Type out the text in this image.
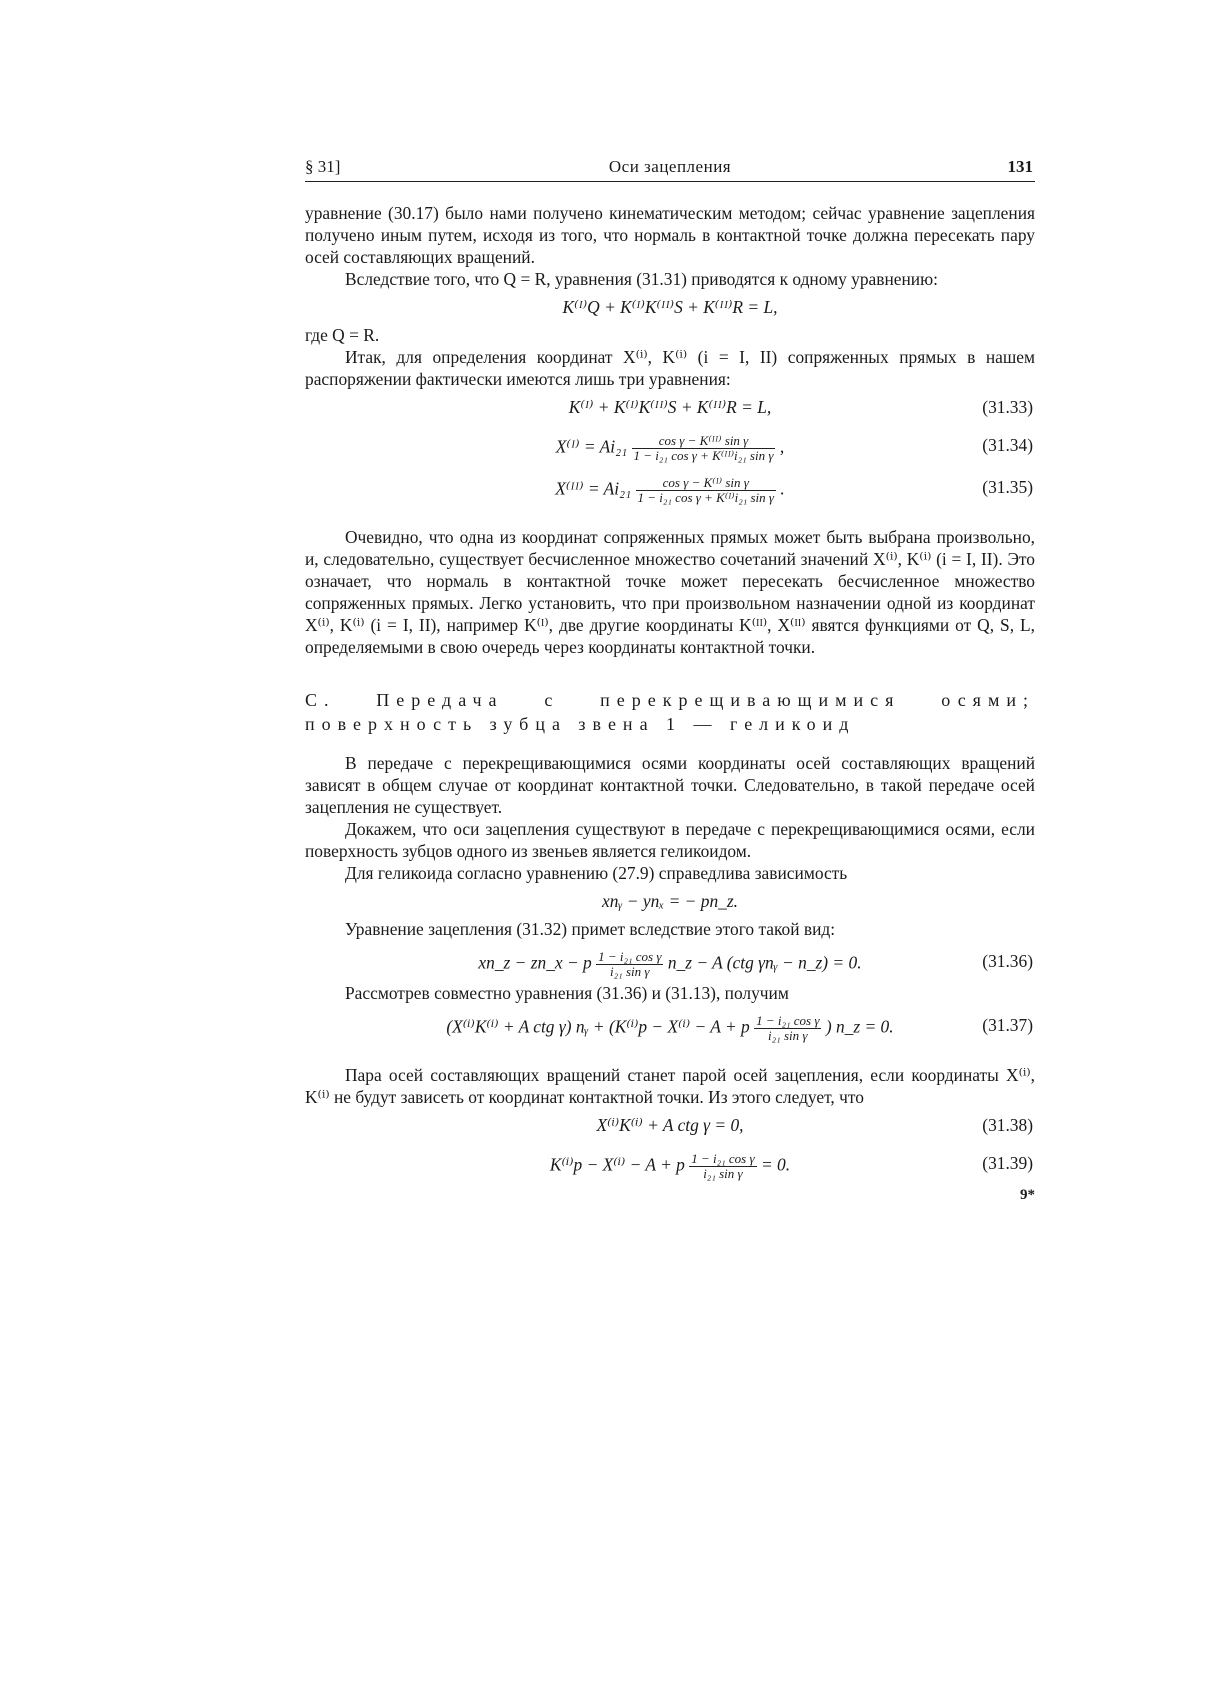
§ 31]	Оси зацепления	131

уравнение (30.17) было нами получено кинематическим методом; сейчас уравнение зацепления получено иным путем, исходя из того, что нормаль в контактной точке должна пересекать пару осей составляющих вращений.

Вследствие того, что Q = R, уравнения (31.31) приводятся к одному уравнению:

K⁽ᴵ⁾Q + K⁽ᴵ⁾K⁽ᴵᴵ⁾S + K⁽ᴵᴵ⁾R = L,

где Q = R.

Итак, для определения координат X⁽ⁱ⁾, K⁽ⁱ⁾ (i = I, II) сопряженных прямых в нашем распоряжении фактически имеются лишь три уравнения:

K⁽ᴵ⁾ + K⁽ᴵ⁾K⁽ᴵᴵ⁾S + K⁽ᴵᴵ⁾R = L,	(31.33)
X⁽ᴵ⁾ = $Ai_{21} \frac{\text{cos γ − K⁽ᴵᴵ⁾ sin γ}}{\text{1 − i₂₁ cos γ + K⁽ᴵᴵ⁾i₂₁ sin γ}}$ ,	(31.34)
X⁽ᴵᴵ⁾ = $Ai_{21} \frac{\text{cos γ − K⁽ᴵ⁾ sin γ}}{\text{1 − i₂₁ cos γ + K⁽ᴵ⁾i₂₁ sin γ}}$ .	(31.35)

Очевидно, что одна из координат сопряженных прямых может быть выбрана произвольно, и, следовательно, существует бесчисленное множество сочетаний значений X⁽ⁱ⁾, K⁽ⁱ⁾ (i = I, II). Это означает, что нормаль в контактной точке может пересекать бесчисленное множество сопряженных прямых. Легко установить, что при произвольном назначении одной из координат X⁽ⁱ⁾, K⁽ⁱ⁾ (i = I, II), например K⁽ᴵ⁾, две другие координаты K⁽ᴵᴵ⁾, X⁽ᴵᴵ⁾ явятся функциями от Q, S, L, определяемыми в свою очередь через координаты контактной точки.

С. Передача с перекрещивающимися осями; поверхность зубца звена 1 — геликоид

В передаче с перекрещивающимися осями координаты осей составляющих вращений зависят в общем случае от координат контактной точки. Следовательно, в такой передаче осей зацепления не существует.

Докажем, что оси зацепления существуют в передаче с перекрещивающимися осями, если поверхность зубцов одного из звеньев является геликоидом.

Для геликоида согласно уравнению (27.9) справедлива зависимость

xnᵧ − ynₓ = − pn_z.

Уравнение зацепления (31.32) примет вследствие этого такой вид:

xn_z − zn_x − p $\frac{\text{1 − i₂₁ cos γ}}{\text{i₂₁ sin γ}}$ n_z − A (ctg γnᵧ − n_z) = 0.	(31.36)

Рассмотрев совместно уравнения (31.36) и (31.13), получим

(X⁽ⁱ⁾K⁽ⁱ⁾ + A ctg γ) nᵧ + (K⁽ⁱ⁾p − X⁽ⁱ⁾ − A + p $\frac{\text{1 − i₂₁ cos γ}}{\text{i₂₁ sin γ}}$ ) n_z = 0.	(31.37)

Пара осей составляющих вращений станет парой осей зацепления, если координаты X⁽ⁱ⁾, K⁽ⁱ⁾ не будут зависеть от координат контактной точки. Из этого следует, что

X⁽ⁱ⁾K⁽ⁱ⁾ + A ctg γ = 0,	(31.38)
K⁽ⁱ⁾p − X⁽ⁱ⁾ − A + p $\frac{\text{1 − i₂₁ cos γ}}{\text{i₂₁ sin γ}} = 0$.	(31.39)
9*
